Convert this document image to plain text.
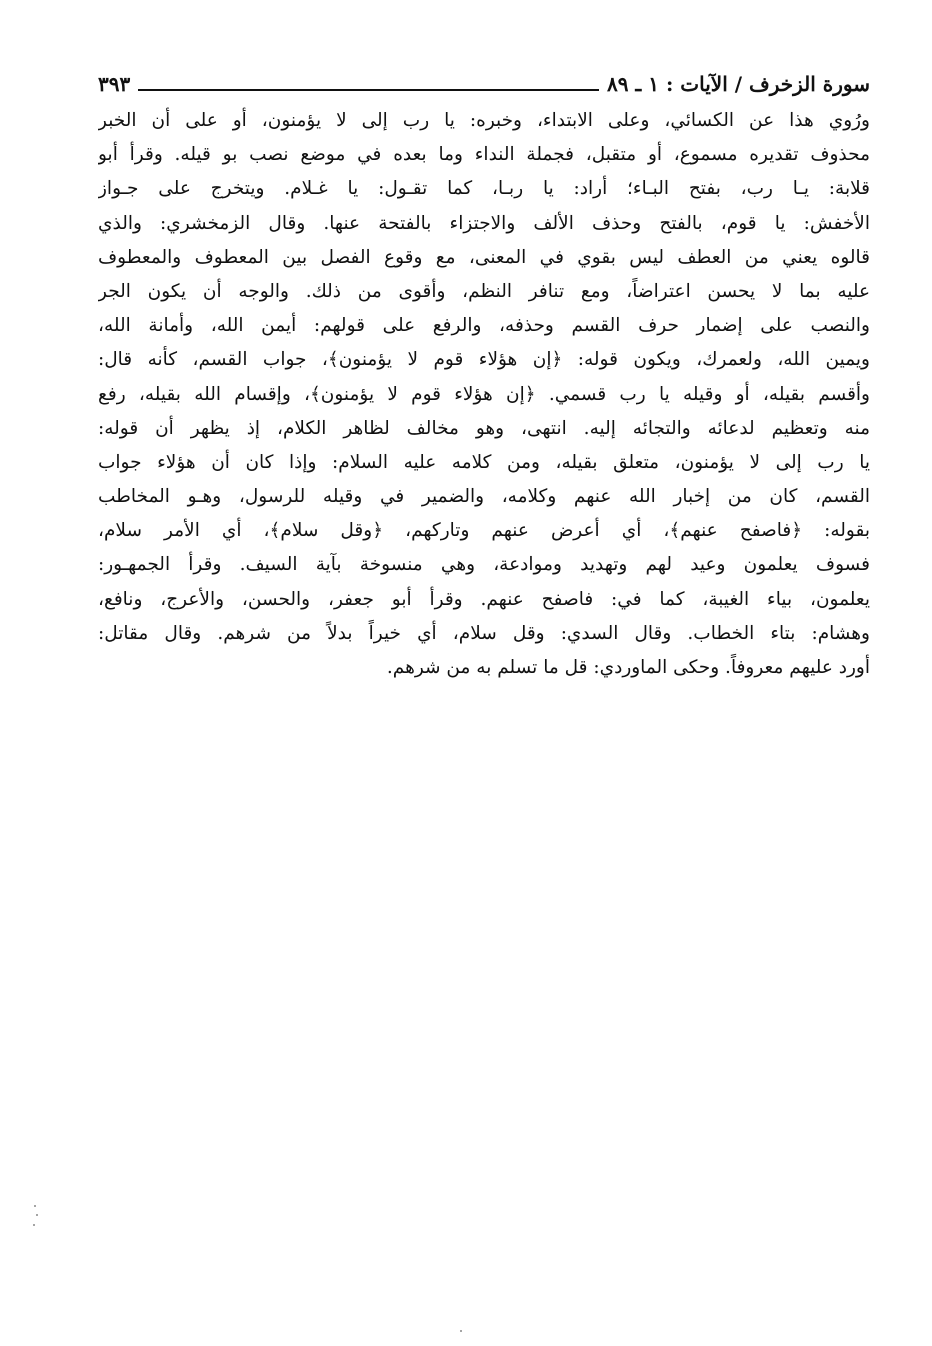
سورة الزخرف / الآيات : ١ ـ ٨٩
٣٩٣
ورُوي هذا عن الكسائي، وعلى الابتداء، وخبره: يا رب إلى لا يؤمنون، أو على أن الخبر
محذوف تقديره مسموع، أو متقبل، فجملة النداء وما بعده في موضع نصب بو قيله. وقرأ أبو
قلابة: يـا رب، بفتح البـاء؛ أراد: يا ربـا، كما تقـول: يا غـلام. ويتخرج على جـواز
الأخفش: يا قوم، بالفتح وحذف الألف والاجتزاء بالفتحة عنها. وقال الزمخشري: والذي
قالوه يعني من العطف ليس بقوي في المعنى، مع وقوع الفصل بين المعطوف والمعطوف
عليه بما لا يحسن اعتراضاً، ومع تنافر النظم، وأقوى من ذلك. والوجه أن يكون الجر
والنصب على إضمار حرف القسم وحذفه، والرفع على قولهم: أيمن الله، وأمانة الله،
ويمين الله، ولعمرك، ويكون قوله: ﴿إن هؤلاء قوم لا يؤمنون﴾، جواب القسم، كأنه قال:
وأقسم بقيله، أو وقيله يا رب قسمي. ﴿إن هؤلاء قوم لا يؤمنون﴾، وإقسام الله بقيله، رفع
منه وتعظيم لدعائه والتجائه إليه. انتهى، وهو مخالف لظاهر الكلام، إذ يظهر أن قوله:
يا رب إلى لا يؤمنون، متعلق بقيله، ومن كلامه عليه السلام: وإذا كان أن هؤلاء جواب
القسم، كان من إخبار الله عنهم وكلامه، والضمير في وقيله للرسول، وهـو المخاطب
بقوله: ﴿فاصفح عنهم﴾، أي أعرض عنهم وتاركهم، ﴿وقل سلام﴾، أي الأمر سلام،
فسوف يعلمون وعيد لهم وتهديد وموادعة، وهي منسوخة بآية السيف. وقرأ الجمهـور:
يعلمون، بياء الغيبة، كما في: فاصفح عنهم. وقرأ أبو جعفر، والحسن، والأعرج، ونافع،
وهشام: بتاء الخطاب. وقال السدي: وقل سلام، أي خيراً بدلاً من شرهم. وقال مقاتل:
أورد عليهم معروفاً. وحكى الماوردي: قل ما تسلم به من شرهم.
